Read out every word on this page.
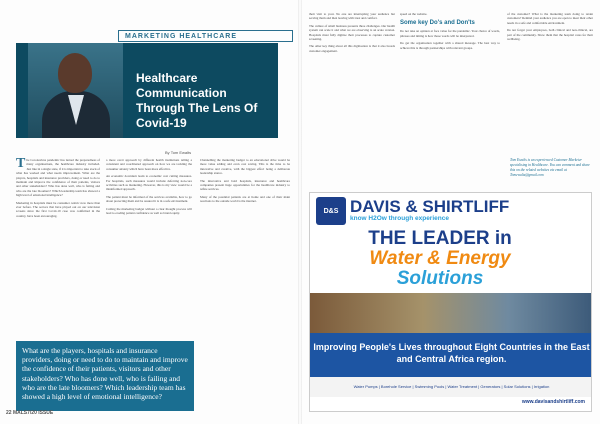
Healthcare Communication Through The Lens Of Covid-19
MARKETING HEALTHCARE
By Tom Ewalts

The Coronavirus pandemic has turned the preparedness of many organisations, the healthcare industry included. Just like in a single state, if it is important to take stock of what has worked and what needs improvement. What are the players, hospitals and insurance providers, doing or need to do to maintain and improve the confidence of their patients, visitors and other stakeholders? Who has done well, who is failing and who are the late bloomers? Which leadership team has showed a high level of emotional intelligence?

Marketing in hospitals must be consumer centric now more than ever before. The sectors that have played out on our television screens since the first Covid-19 case was confirmed in the country, have been encouraging.

a more overt approach by different health institutions telling a consistent and coordinated approach on how we are tackling the consumer anxiety which have been more effective.

An economic downturn leads to economic cost cutting measures. For hospitals, such measures would include deferring non-core activities such as marketing. However, this is my view would be a misinformed approach.

The patient must be informed of the services available, how to go about protecting them and be assured it is in a safe environment.

Cutting the marketing budget without a clear thought process will lead to eroding patient confidence as well as brand equity.

Channelling the marketing budget to an educational drive would be more value adding and even cost saving. This is the time to be innovative and creative, with the biggest effect being a deliberate leadership stance.

The innovative and bold hospitals, insurance and healthcare companies present huge opportunities for the healthcare industry to refine services.

Many of the potential patients are at home and one of their main reactions to the outside world is the internet.

What are the players, hospitals and insurance providers, doing or need to do to maintain and improve the confidence of their patients, visitors and other stakeholders? Who has done well, who is failing and who are the late bloomers? Which leadership team has showed a high level of emotional intelligence?
22 MALS7/20 ISSUE

their visit to your. No one are interrupting your audience but serving them and then leaving with trust and comfort.

The culture of small business presents three challenges. Our health system can scale it and what we are observing is an acute version. Hospitals must fully digitise their processes to capture customer screening.

The other key thing about all this digitisation is that it also breeds customer engagement.

speed on the website.

Some key Do's and Don'ts

Do not take an opinion at face value for the pandemic. Your choice of words, phrases and timing is how those words will be interpreted.

Do get the organisation together with a shared message. The best way to achieve this is through partnerships with relevant groups.

of the customer? What is the marketing team doing to retain customers? Remind your audience you are open to meet their other needs in a safe and comfortable environment.

Do not forget your employees, both clinical and non-clinical, are part of the community. Show them that the hospital cares for their wellbeing.

Tom Ewalts is an experienced Customer Marketer specialising in Healthcare. You can comment and share this on the related websites via email at Tomewalts@gmail.com
D&S DAVIS & SHIRTLIFF
know H2Ow through experience
THE LEADER in
Water & Energy
Solutions
Improving People's Lives throughout Eight Countries in the East and Central Africa region.
Water Pumps | Borehole Service | Swimming Pools | Water Treatment | Generators | Solar Solutions | Irrigation
www.davisandshirtliff.com
